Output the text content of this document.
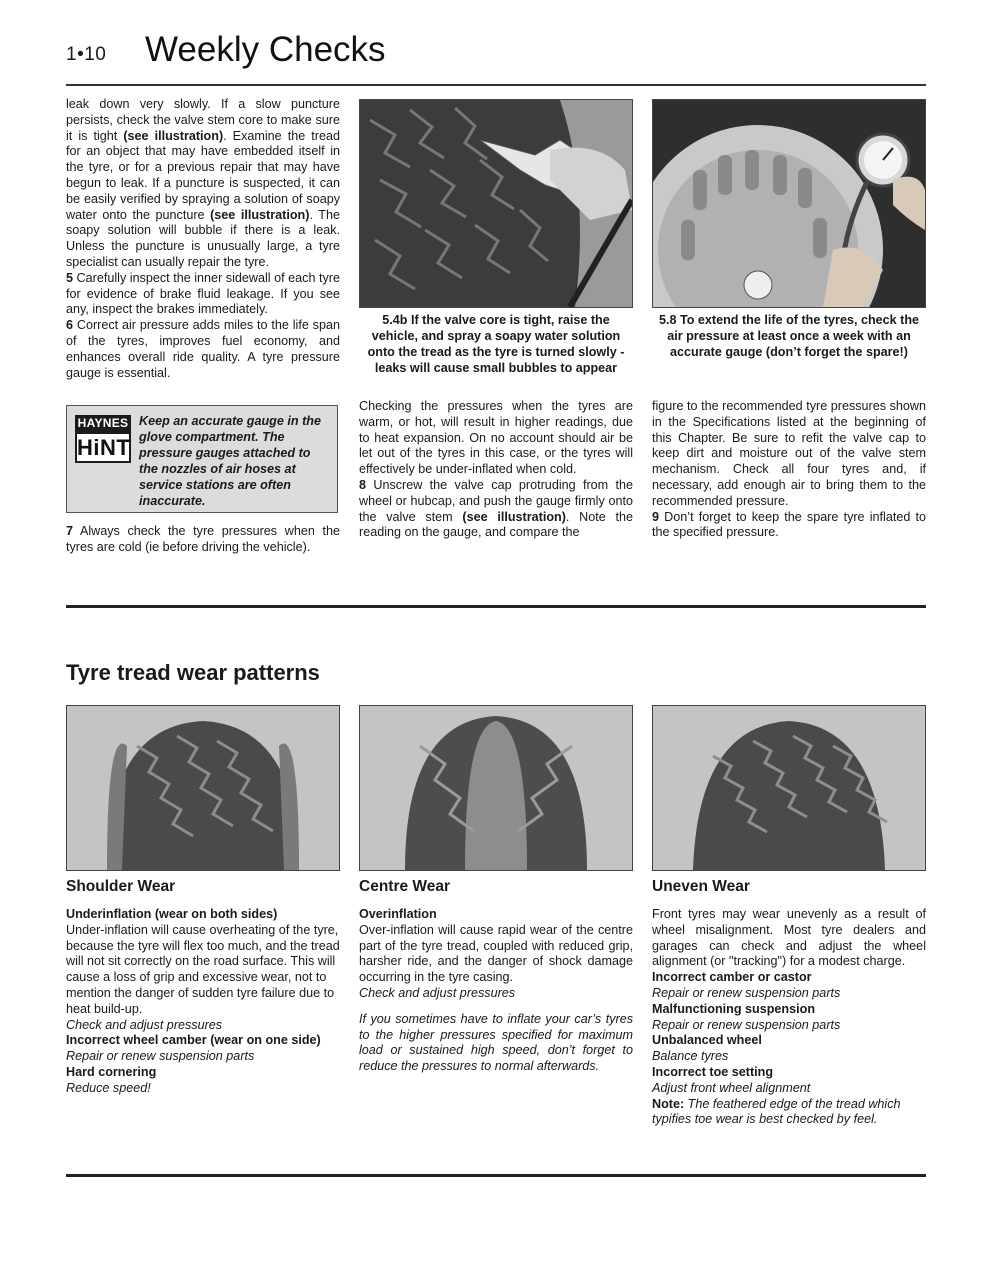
1•10 Weekly Checks

leak down very slowly. If a slow puncture persists, check the valve stem core to make sure it is tight (see illustration). Examine the tread for an object that may have embedded itself in the tyre, or for a previous repair that may have begun to leak. If a puncture is suspected, it can be easily verified by spraying a solution of soapy water onto the puncture (see illustration). The soapy solution will bubble if there is a leak. Unless the puncture is unusually large, a tyre specialist can usually repair the tyre.

5 Carefully inspect the inner sidewall of each tyre for evidence of brake fluid leakage. If you see any, inspect the brakes immediately.

6 Correct air pressure adds miles to the life span of the tyres, improves fuel economy, and enhances overall ride quality. A tyre pressure gauge is essential.

HAYNES
HiNT
Keep an accurate gauge in the glove compartment. The pressure gauges attached to the nozzles of air hoses at service stations are often inaccurate.

7 Always check the tyre pressures when the tyres are cold (ie before driving the vehicle).

5.4b If the valve core is tight, raise the vehicle, and spray a soapy water solution onto the tread as the tyre is turned slowly - leaks will cause small bubbles to appear
5.8 To extend the life of the tyres, check the air pressure at least once a week with an accurate gauge (don’t forget the spare!)

Checking the pressures when the tyres are warm, or hot, will result in higher readings, due to heat expansion. On no account should air be let out of the tyres in this case, or the tyres will effectively be under-inflated when cold.

8 Unscrew the valve cap protruding from the wheel or hubcap, and push the gauge firmly onto the valve stem (see illustration). Note the reading on the gauge, and compare the

figure to the recommended tyre pressures shown in the Specifications listed at the beginning of this Chapter. Be sure to refit the valve cap to keep dirt and moisture out of the valve stem mechanism. Check all four tyres and, if necessary, add enough air to bring them to the recommended pressure.

9 Don’t forget to keep the spare tyre inflated to the specified pressure.

Tyre tread wear patterns
Shoulder Wear

Underinflation (wear on both sides)

Under-inflation will cause overheating of the tyre, because the tyre will flex too much, and the tread will not sit correctly on the road surface. This will cause a loss of grip and excessive wear, not to mention the danger of sudden tyre failure due to heat build-up.

Check and adjust pressures

Incorrect wheel camber (wear on one side)

Repair or renew suspension parts

Hard cornering

Reduce speed!

Centre Wear

Overinflation

Over-inflation will cause rapid wear of the centre part of the tyre tread, coupled with reduced grip, harsher ride, and the danger of shock damage occurring in the tyre casing.

Check and adjust pressures

If you sometimes have to inflate your car’s tyres to the higher pressures specified for maximum load or sustained high speed, don’t forget to reduce the pressures to normal afterwards.

Uneven Wear

Front tyres may wear unevenly as a result of wheel misalignment. Most tyre dealers and garages can check and adjust the wheel alignment (or "tracking") for a modest charge.

Incorrect camber or castor

Repair or renew suspension parts

Malfunctioning suspension

Repair or renew suspension parts

Unbalanced wheel

Balance tyres

Incorrect toe setting

Adjust front wheel alignment

Note: The feathered edge of the tread which typifies toe wear is best checked by feel.
